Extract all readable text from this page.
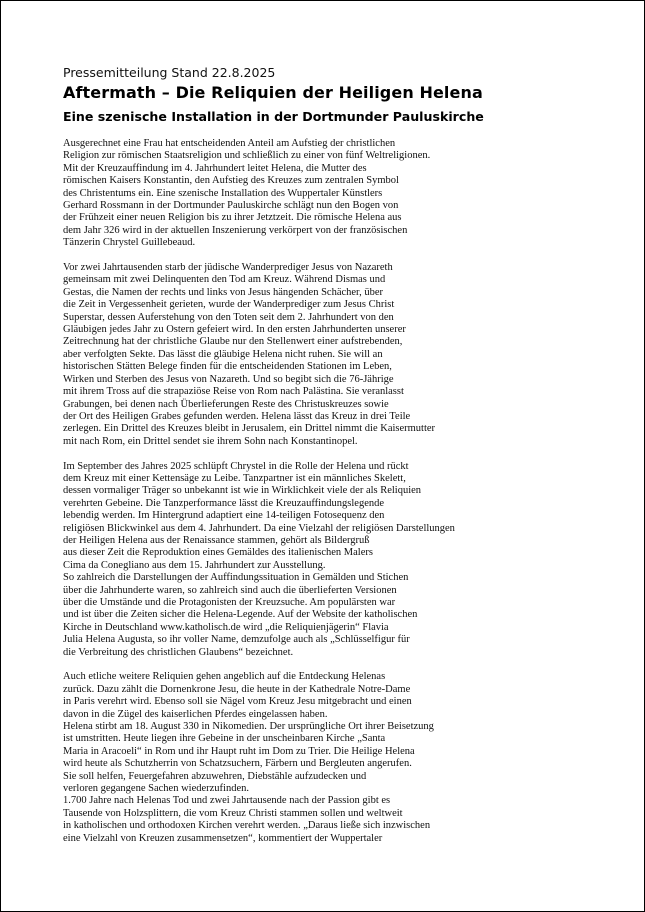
Pressemitteilung Stand 22.8.2025
Aftermath – Die Reliquien der Heiligen Helena
Eine szenische Installation in der Dortmunder Pauluskirche
Ausgerechnet eine Frau hat entscheidenden Anteil am Aufstieg der christlichen
Religion zur römischen Staatsreligion und schließlich zu einer von fünf Weltreligionen.
Mit der Kreuzauffindung im 4. Jahrhundert leitet Helena, die Mutter des
römischen Kaisers Konstantin, den Aufstieg des Kreuzes zum zentralen Symbol
des Christentums ein. Eine szenische Installation des Wuppertaler Künstlers
Gerhard Rossmann in der Dortmunder Pauluskirche schlägt nun den Bogen von
der Frühzeit einer neuen Religion bis zu ihrer Jetztzeit. Die römische Helena aus
dem Jahr 326 wird in der aktuellen Inszenierung verkörpert von der französischen
Tänzerin Chrystel Guillebeaud.
Vor zwei Jahrtausenden starb der jüdische Wanderprediger Jesus von Nazareth
gemeinsam mit zwei Delinquenten den Tod am Kreuz. Während Dismas und
Gestas, die Namen der rechts und links von Jesus hängenden Schächer, über
die Zeit in Vergessenheit gerieten, wurde der Wanderprediger zum Jesus Christ
Superstar, dessen Auferstehung von den Toten seit dem 2. Jahrhundert von den
Gläubigen jedes Jahr zu Ostern gefeiert wird. In den ersten Jahrhunderten unserer
Zeitrechnung hat der christliche Glaube nur den Stellenwert einer aufstrebenden,
aber verfolgten Sekte. Das lässt die gläubige Helena nicht ruhen. Sie will an
historischen Stätten Belege finden für die entscheidenden Stationen im Leben,
Wirken und Sterben des Jesus von Nazareth. Und so begibt sich die 76-Jährige
mit ihrem Tross auf die strapaziöse Reise von Rom nach Palästina. Sie veranlasst
Grabungen, bei denen nach Überlieferungen Reste des Christuskreuzes sowie
der Ort des Heiligen Grabes gefunden werden. Helena lässt das Kreuz in drei Teile
zerlegen. Ein Drittel des Kreuzes bleibt in Jerusalem, ein Drittel nimmt die Kaisermutter
mit nach Rom, ein Drittel sendet sie ihrem Sohn nach Konstantinopel.
Im September des Jahres 2025 schlüpft Chrystel in die Rolle der Helena und rückt
dem Kreuz mit einer Kettensäge zu Leibe. Tanzpartner ist ein männliches Skelett,
dessen vormaliger Träger so unbekannt ist wie in Wirklichkeit viele der als Reliquien
verehrten Gebeine. Die Tanzperformance lässt die Kreuzauffindungslegende
lebendig werden. Im Hintergrund adaptiert eine 14-teiligen Fotosequenz den
religiösen Blickwinkel aus dem 4. Jahrhundert. Da eine Vielzahl der religiösen Darstellungen
der Heiligen Helena aus der Renaissance stammen, gehört als Bildergruß
aus dieser Zeit die Reproduktion eines Gemäldes des italienischen Malers
Cima da Conegliano aus dem 15. Jahrhundert zur Ausstellung.
So zahlreich die Darstellungen der Auffindungssituation in Gemälden und Stichen
über die Jahrhunderte waren, so zahlreich sind auch die überlieferten Versionen
über die Umstände und die Protagonisten der Kreuzsuche. Am populärsten war
und ist über die Zeiten sicher die Helena-Legende. Auf der Website der katholischen
Kirche in Deutschland www.katholisch.de wird „die Reliquienjägerin“ Flavia
Julia Helena Augusta, so ihr voller Name, demzufolge auch als „Schlüsselfigur für
die Verbreitung des christlichen Glaubens“ bezeichnet.
Auch etliche weitere Reliquien gehen angeblich auf die Entdeckung Helenas
zurück. Dazu zählt die Dornenkrone Jesu, die heute in der Kathedrale Notre-Dame
in Paris verehrt wird. Ebenso soll sie Nägel vom Kreuz Jesu mitgebracht und einen
davon in die Zügel des kaiserlichen Pferdes eingelassen haben.
Helena stirbt am 18. August 330 in Nikomedien. Der ursprüngliche Ort ihrer Beisetzung
ist umstritten. Heute liegen ihre Gebeine in der unscheinbaren Kirche „Santa
Maria in Aracoeli“ in Rom und ihr Haupt ruht im Dom zu Trier. Die Heilige Helena
wird heute als Schutzherrin von Schatzsuchern, Färbern und Bergleuten angerufen.
Sie soll helfen, Feuergefahren abzuwehren, Diebstähle aufzudecken und
verloren gegangene Sachen wiederzufinden.
1.700 Jahre nach Helenas Tod und zwei Jahrtausende nach der Passion gibt es
Tausende von Holzsplittern, die vom Kreuz Christi stammen sollen und weltweit
in katholischen und orthodoxen Kirchen verehrt werden. „Daraus ließe sich inzwischen
eine Vielzahl von Kreuzen zusammensetzen“, kommentiert der Wuppertaler
